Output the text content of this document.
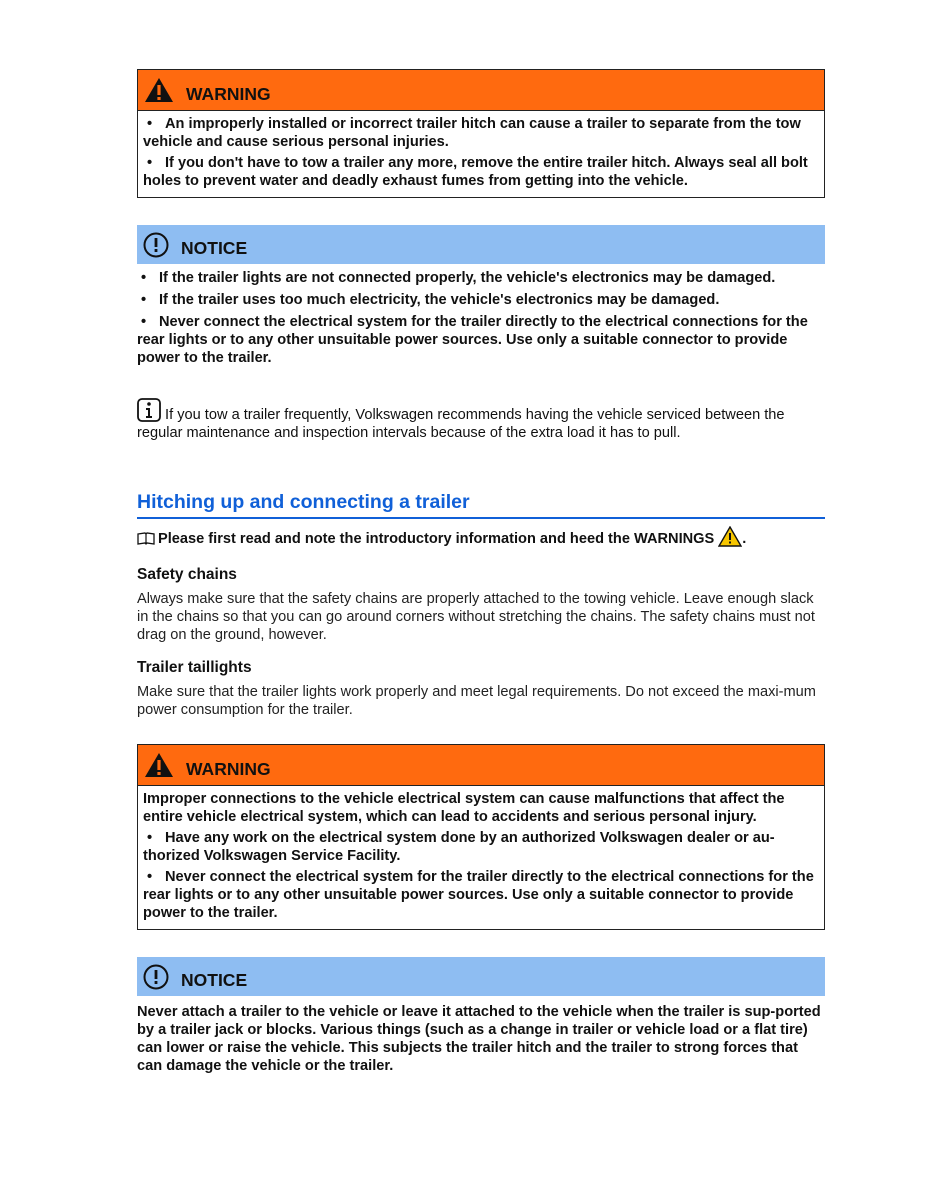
WARNING

• An improperly installed or incorrect trailer hitch can cause a trailer to separate from the tow vehicle and cause serious personal injuries.

• If you don't have to tow a trailer any more, remove the entire trailer hitch. Always seal all bolt holes to prevent water and deadly exhaust fumes from getting into the vehicle.

NOTICE

• If the trailer lights are not connected properly, the vehicle's electronics may be damaged.

• If the trailer uses too much electricity, the vehicle's electronics may be damaged.

• Never connect the electrical system for the trailer directly to the electrical connections for the rear lights or to any other unsuitable power sources. Use only a suitable connector to provide power to the trailer.

If you tow a trailer frequently, Volkswagen recommends having the vehicle serviced between the regular maintenance and inspection intervals because of the extra load it has to pull.
Hitching up and connecting a trailer
Please first read and note the introductory information and heed the WARNINGS .
Safety chains

Always make sure that the safety chains are properly attached to the towing vehicle. Leave enough slack in the chains so that you can go around corners without stretching the chains. The safety chains must not drag on the ground, however.

Trailer taillights

Make sure that the trailer lights work properly and meet legal requirements. Do not exceed the maxi-mum power consumption for the trailer.

WARNING

Improper connections to the vehicle electrical system can cause malfunctions that affect the entire vehicle electrical system, which can lead to accidents and serious personal injury.

• Have any work on the electrical system done by an authorized Volkswagen dealer or au-thorized Volkswagen Service Facility.

• Never connect the electrical system for the trailer directly to the electrical connections for the rear lights or to any other unsuitable power sources. Use only a suitable connector to provide power to the trailer.

NOTICE

Never attach a trailer to the vehicle or leave it attached to the vehicle when the trailer is sup-ported by a trailer jack or blocks. Various things (such as a change in trailer or vehicle load or a flat tire) can lower or raise the vehicle. This subjects the trailer hitch and the trailer to strong forces that can damage the vehicle or the trailer.
